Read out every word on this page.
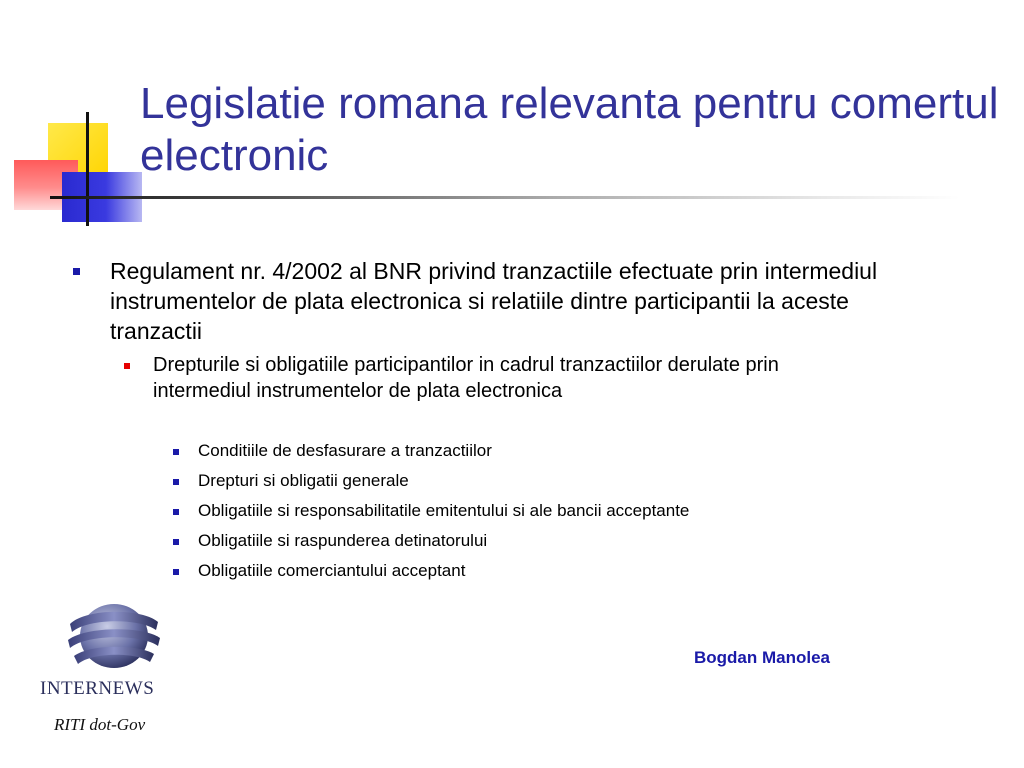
Legislatie romana relevanta pentru comertul electronic
Regulament nr. 4/2002 al BNR privind tranzactiile efectuate prin intermediul instrumentelor de plata electronica si relatiile dintre participantii la aceste tranzactii
Drepturile si obligatiile participantilor in cadrul tranzactiilor derulate prin intermediul instrumentelor de plata electronica
Conditiile de desfasurare a tranzactiilor
Drepturi si obligatii generale
Obligatiile si responsabilitatile emitentului si ale bancii acceptante
Obligatiile si raspunderea detinatorului
Obligatiile comerciantului acceptant
Bogdan Manolea
INTERNEWS
RITI dot-Gov
